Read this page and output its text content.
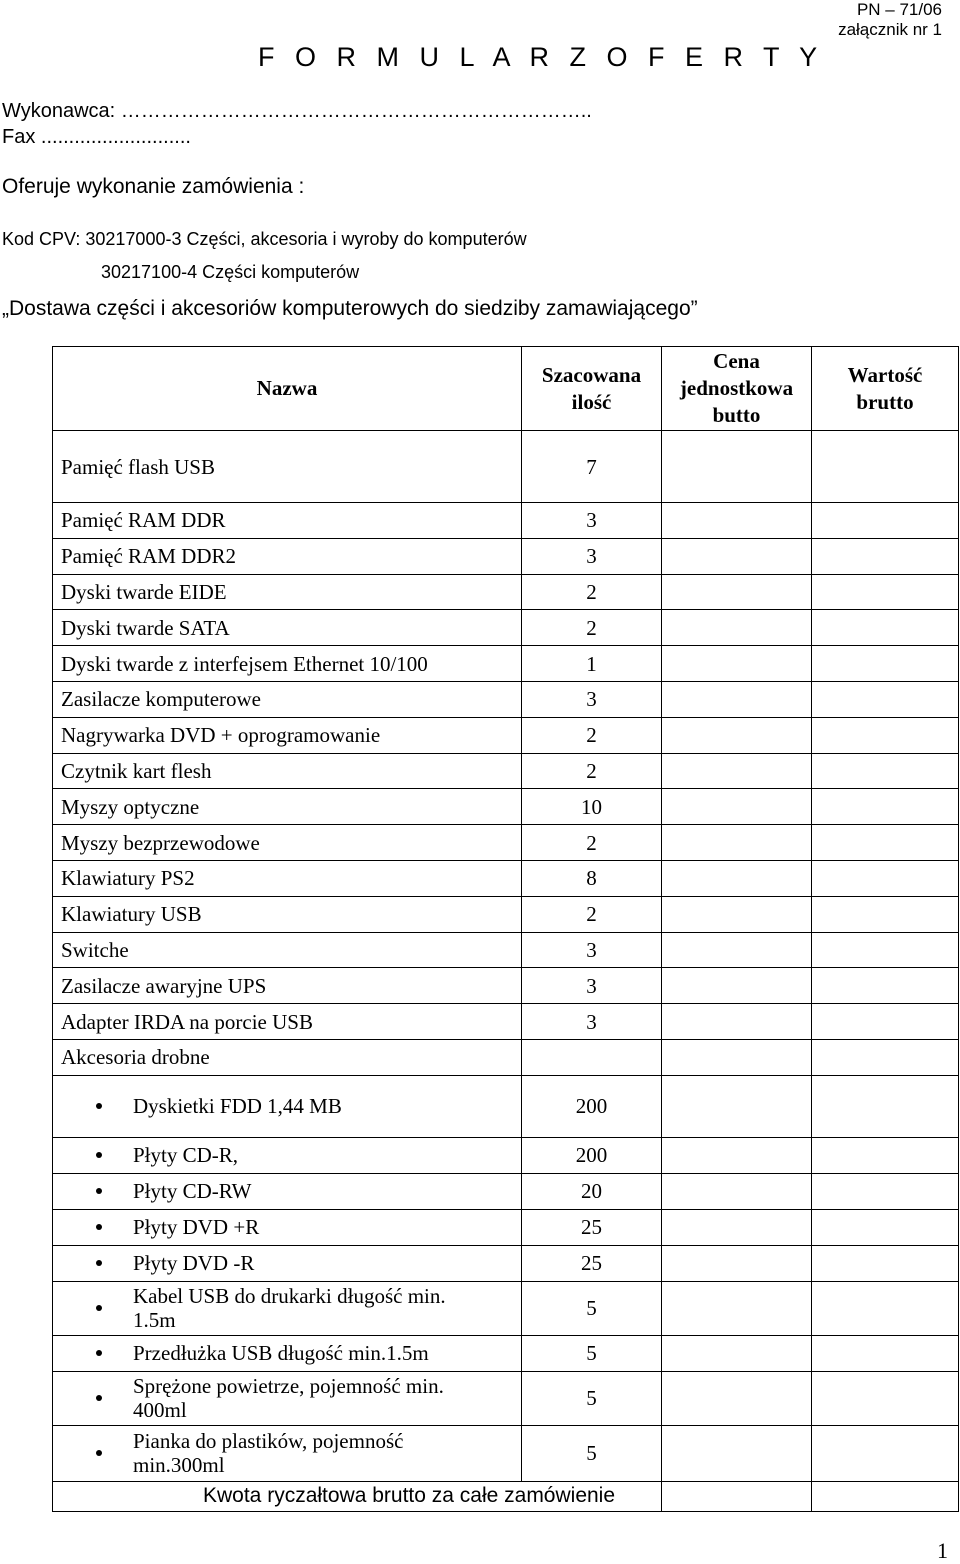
PN – 71/06
załącznik nr 1
F O R M U L A R Z O F E R T Y
Wykonawca: ……………………………………………………………..
Fax ...........................
Oferuje wykonanie zamówienia :
Kod CPV: 30217000-3 Części, akcesoria i wyroby do komputerów
30217100-4 Części komputerów
„Dostawa części i akcesoriów komputerowych do siedziby zamawiającego”
Nazwa	Szacowana ilość	Cena jednostkowa butto	Wartość brutto

Pamięć flash USB	7		
Pamięć RAM DDR	3		
Pamięć RAM DDR2	3		
Dyski twarde EIDE	2		
Dyski twarde SATA	2		
Dyski twarde z interfejsem Ethernet 10/100	1		
Zasilacze komputerowe	3		
Nagrywarka DVD + oprogramowanie	2		
Czytnik kart flesh	2		
Myszy optyczne	10		
Myszy bezprzewodowe	2		
Klawiatury PS2	8		
Klawiatury USB	2		
Switche	3		
Zasilacze awaryjne UPS	3		
Adapter IRDA na porcie USB	3		
Akcesoria drobne			
Dyskietki FDD 1,44 MB	200		
Płyty CD-R,	200		
Płyty CD-RW	20		
Płyty DVD +R	25		
Płyty DVD -R	25		
Kabel USB do drukarki długość min. 1.5m	5		
Przedłużka USB długość min.1.5m	5		
Sprężone powietrze, pojemność min. 400ml	5		
Pianka do plastików, pojemność min.300ml	5		
Kwota ryczałtowa brutto za całe zamówienie			
1
